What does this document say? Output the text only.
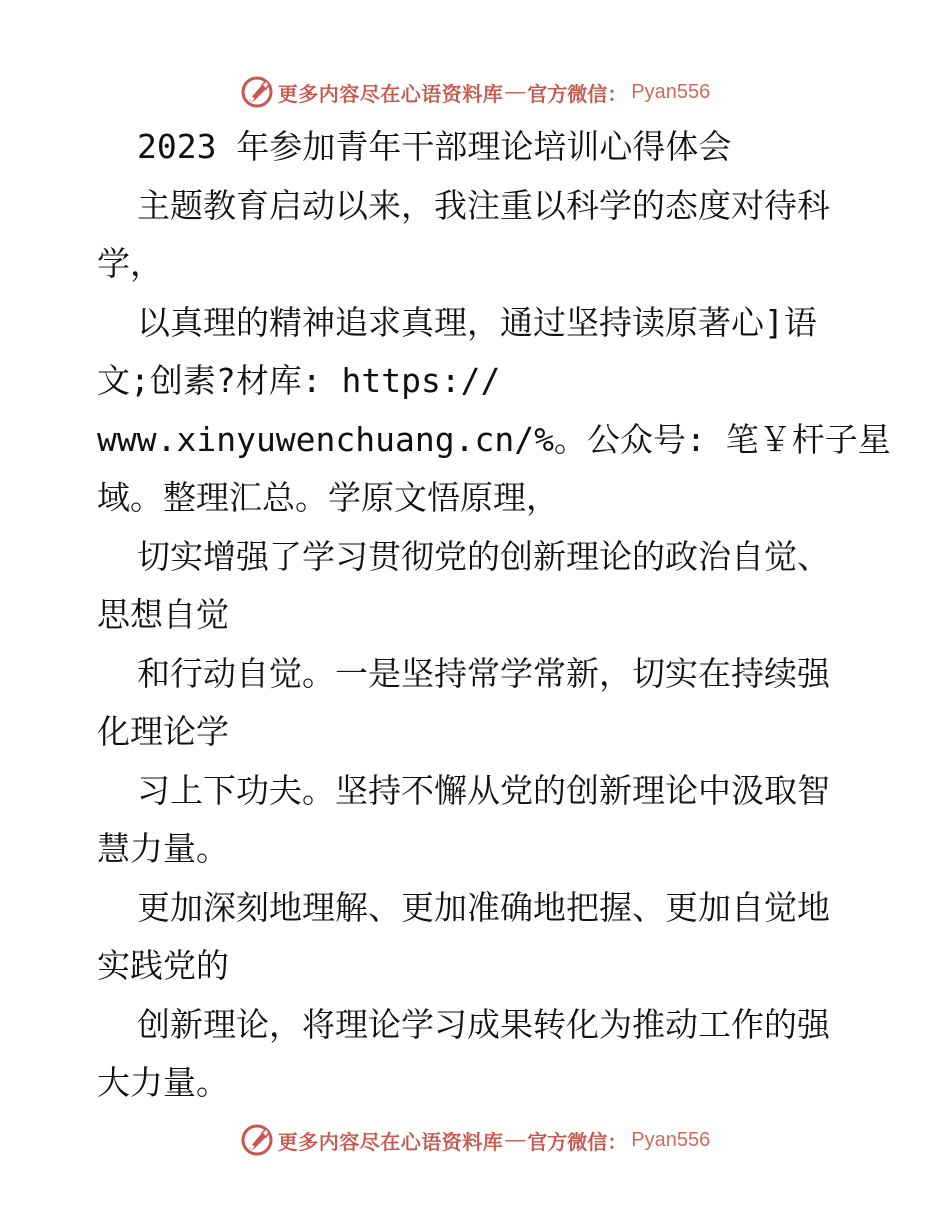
更多内容尽在心语资料库 — 官方微信： Pyan556
2023 年参加青年干部理论培训心得体会
主题教育启动以来，我注重以科学的态度对待科
学，
以真理的精神追求真理，通过坚持读原著心]语
文;创素?材库: https://
www.xinyuwenchuang.cn/%。公众号: 笔￥杆子星
域。整理汇总。学原文悟原理，
切实增强了学习贯彻党的创新理论的政治自觉、
思想自觉
和行动自觉。一是坚持常学常新，切实在持续强
化理论学
习上下功夫。坚持不懈从党的创新理论中汲取智
慧力量。
更加深刻地理解、更加准确地把握、更加自觉地
实践党的
创新理论，将理论学习成果转化为推动工作的强
大力量。
更多内容尽在心语资料库 — 官方微信： Pyan556
